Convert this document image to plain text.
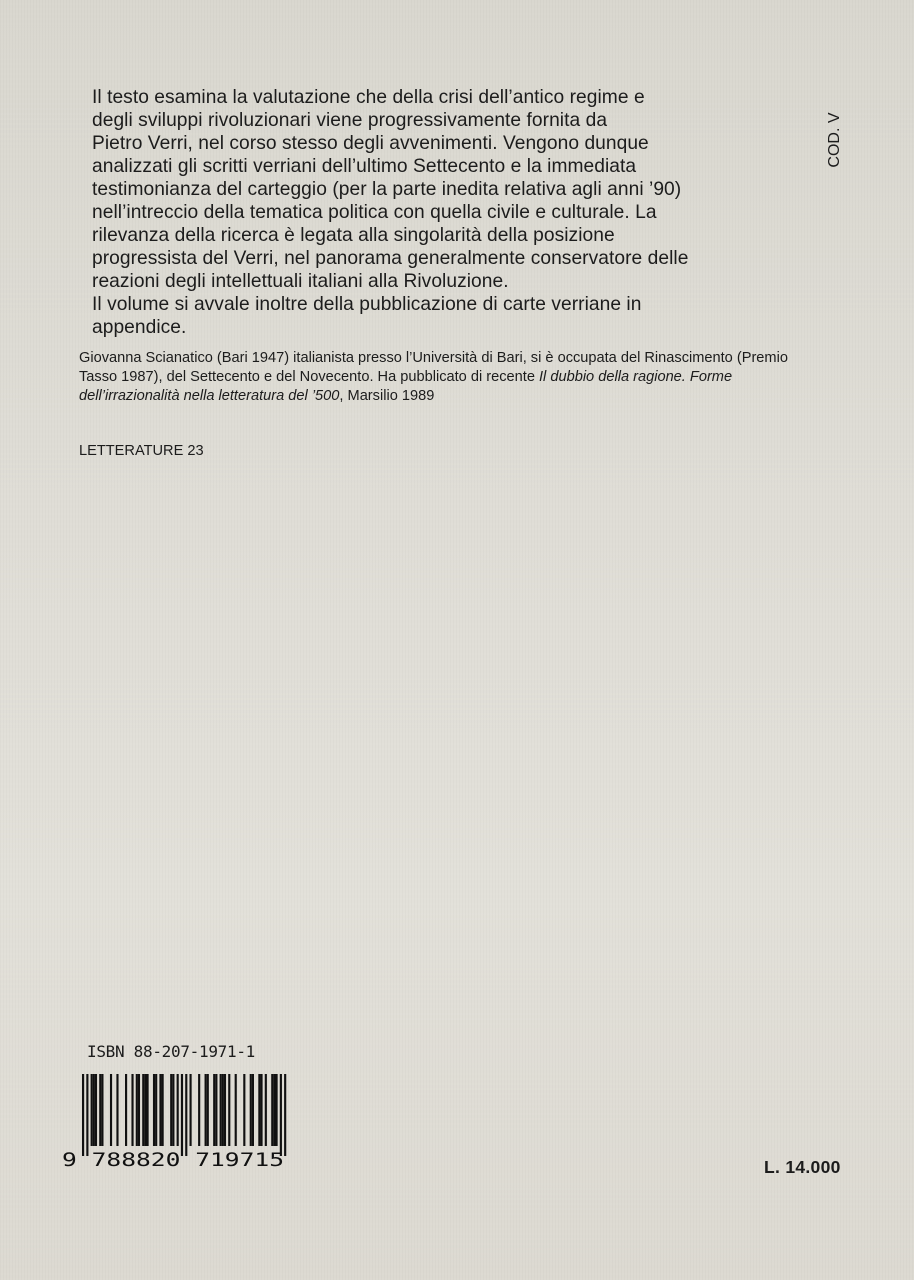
Il testo esamina la valutazione che della crisi dell’antico regime e
degli sviluppi rivoluzionari viene progressivamente fornita da
Pietro Verri, nel corso stesso degli avvenimenti. Vengono dunque
analizzati gli scritti verriani dell’ultimo Settecento e la immediata
testimonianza del carteggio (per la parte inedita relativa agli anni ’90)
nell’intreccio della tematica politica con quella civile e culturale. La
rilevanza della ricerca è legata alla singolarità della posizione
progressista del Verri, nel panorama generalmente conservatore delle
reazioni degli intellettuali italiani alla Rivoluzione.
Il volume si avvale inoltre della pubblicazione di carte verriane in
appendice.

COD. V

Giovanna Scianatico (Bari 1947) italianista presso l’Università di Bari, si è occupata del Rinascimento (Premio Tasso 1987), del Settecento e del Novecento. Ha pubblicato di recente Il dubbio della ragione. Forme dell’irrazionalità nella letteratura del ’500, Marsilio 1989

LETTERATURE 23
ISBN 88-207-1971-1
9 788820 719715	L. 14.000
